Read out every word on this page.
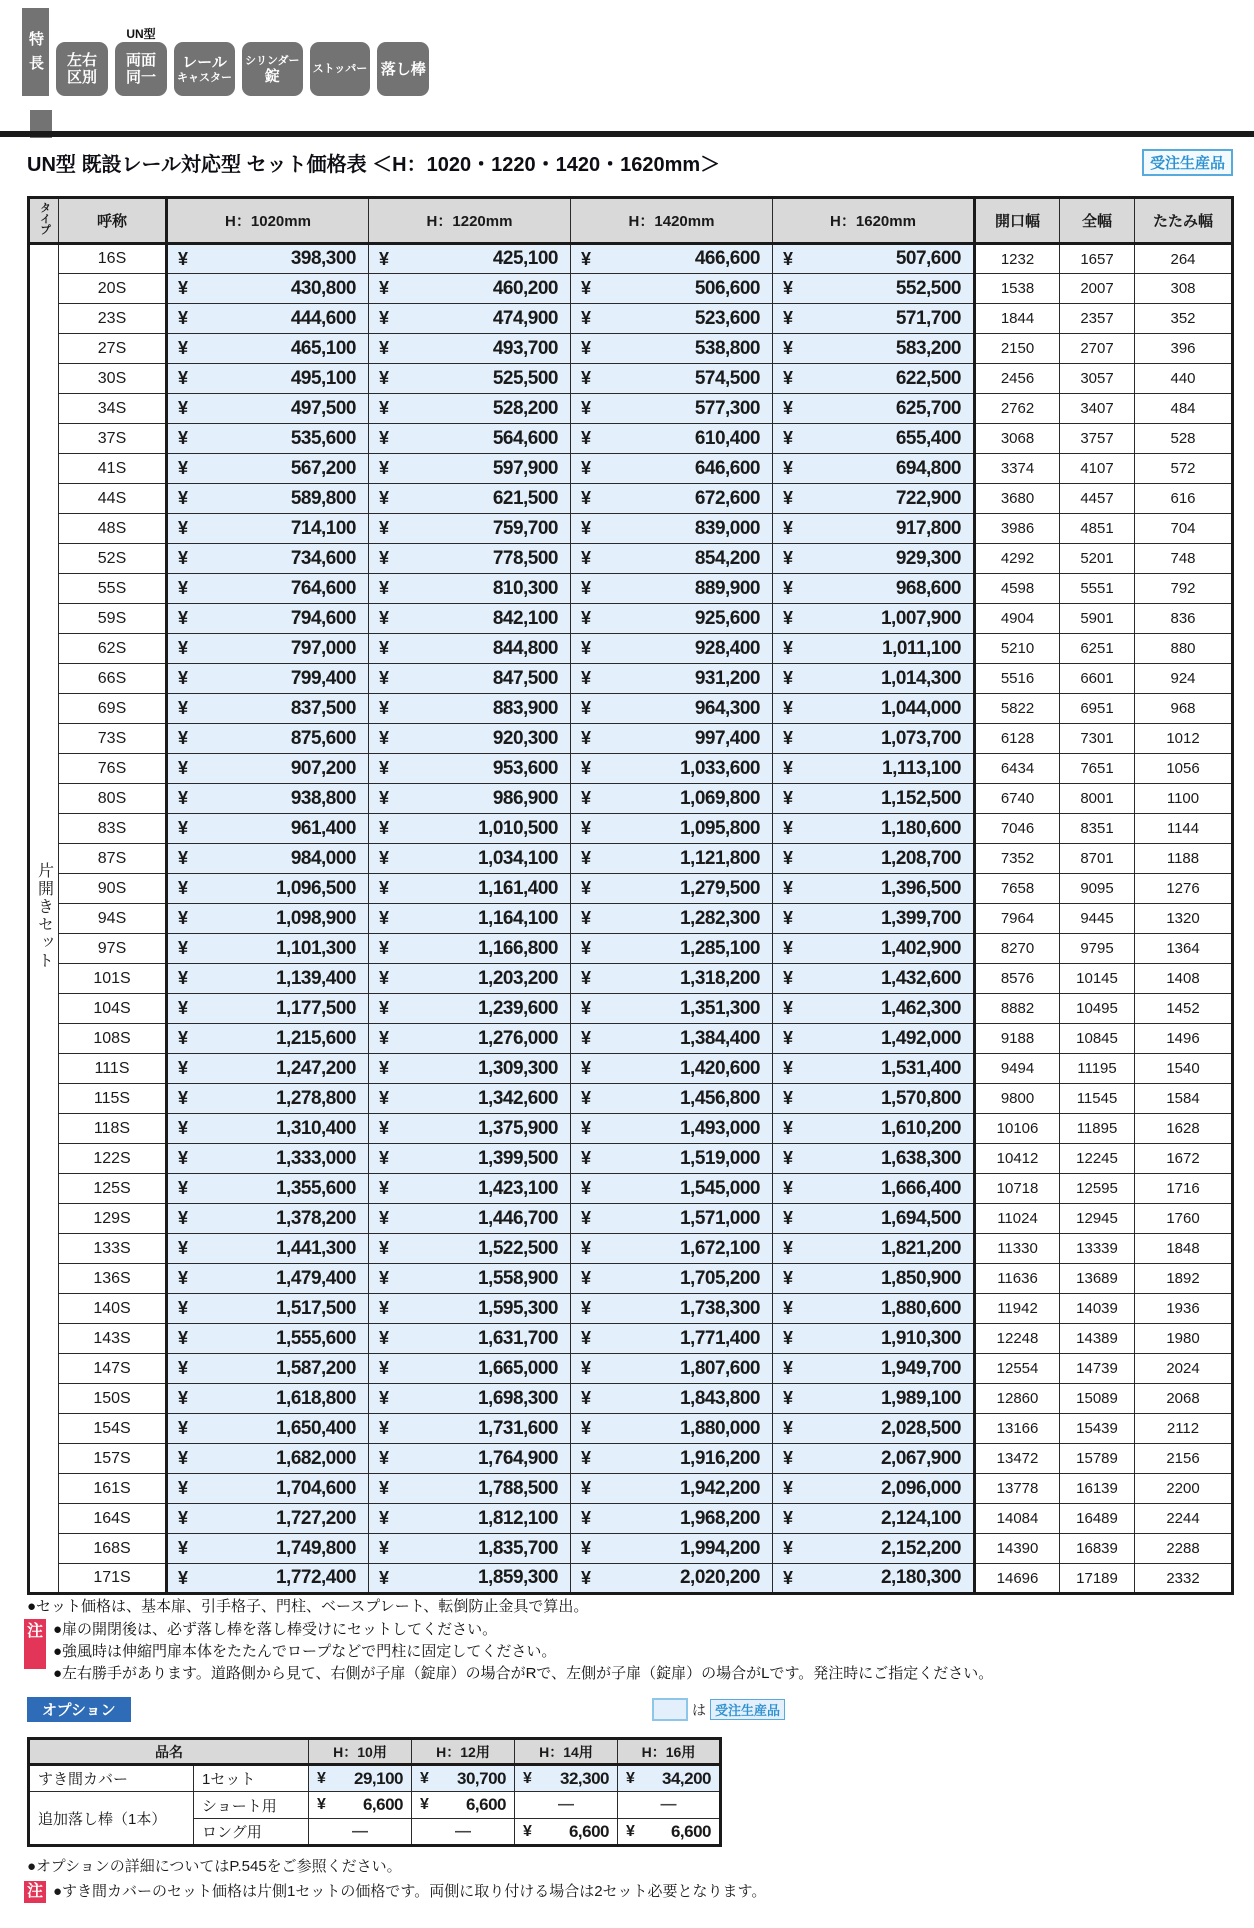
特長	左右
区別
UN型
両面
同一
レール
キャスター
シリンダー
錠	ストッパー 落し棒
UN型 既設レール対応型 セット価格表 ＜H：1020・1220・1420・1620mm＞	受注生産品
タイプ	呼称	H：1020mm	H：1220mm	H：1420mm	H：1620mm	開口幅	全幅	たたみ幅
片開きセット	16S	¥ 398,300	¥ 425,100	¥ 466,600	¥ 507,600	1232	1657	264
	20S	¥ 430,800	¥ 460,200	¥ 506,600	¥ 552,500	1538	2007	308
	23S	¥ 444,600	¥ 474,900	¥ 523,600	¥ 571,700	1844	2357	352
	27S	¥ 465,100	¥ 493,700	¥ 538,800	¥ 583,200	2150	2707	396
	30S	¥ 495,100	¥ 525,500	¥ 574,500	¥ 622,500	2456	3057	440
	34S	¥ 497,500	¥ 528,200	¥ 577,300	¥ 625,700	2762	3407	484
	37S	¥ 535,600	¥ 564,600	¥ 610,400	¥ 655,400	3068	3757	528
	41S	¥ 567,200	¥ 597,900	¥ 646,600	¥ 694,800	3374	4107	572
	44S	¥ 589,800	¥ 621,500	¥ 672,600	¥ 722,900	3680	4457	616
	48S	¥ 714,100	¥ 759,700	¥ 839,000	¥ 917,800	3986	4851	704
	52S	¥ 734,600	¥ 778,500	¥ 854,200	¥ 929,300	4292	5201	748
	55S	¥ 764,600	¥ 810,300	¥ 889,900	¥ 968,600	4598	5551	792
	59S	¥ 794,600	¥ 842,100	¥ 925,600	¥ 1,007,900	4904	5901	836
	62S	¥ 797,000	¥ 844,800	¥ 928,400	¥ 1,011,100	5210	6251	880
	66S	¥ 799,400	¥ 847,500	¥ 931,200	¥ 1,014,300	5516	6601	924
	69S	¥ 837,500	¥ 883,900	¥ 964,300	¥ 1,044,000	5822	6951	968
	73S	¥ 875,600	¥ 920,300	¥ 997,400	¥ 1,073,700	6128	7301	1012
	76S	¥ 907,200	¥ 953,600	¥ 1,033,600	¥ 1,113,100	6434	7651	1056
	80S	¥ 938,800	¥ 986,900	¥ 1,069,800	¥ 1,152,500	6740	8001	1100
	83S	¥ 961,400	¥ 1,010,500	¥ 1,095,800	¥ 1,180,600	7046	8351	1144
	87S	¥ 984,000	¥ 1,034,100	¥ 1,121,800	¥ 1,208,700	7352	8701	1188
	90S	¥ 1,096,500	¥ 1,161,400	¥ 1,279,500	¥ 1,396,500	7658	9095	1276
	94S	¥ 1,098,900	¥ 1,164,100	¥ 1,282,300	¥ 1,399,700	7964	9445	1320
	97S	¥ 1,101,300	¥ 1,166,800	¥ 1,285,100	¥ 1,402,900	8270	9795	1364
	101S	¥ 1,139,400	¥ 1,203,200	¥ 1,318,200	¥ 1,432,600	8576	10145	1408
	104S	¥ 1,177,500	¥ 1,239,600	¥ 1,351,300	¥ 1,462,300	8882	10495	1452
	108S	¥ 1,215,600	¥ 1,276,000	¥ 1,384,400	¥ 1,492,000	9188	10845	1496
	111S	¥ 1,247,200	¥ 1,309,300	¥ 1,420,600	¥ 1,531,400	9494	11195	1540
	115S	¥ 1,278,800	¥ 1,342,600	¥ 1,456,800	¥ 1,570,800	9800	11545	1584
	118S	¥ 1,310,400	¥ 1,375,900	¥ 1,493,000	¥ 1,610,200	10106	11895	1628
	122S	¥ 1,333,000	¥ 1,399,500	¥ 1,519,000	¥ 1,638,300	10412	12245	1672
	125S	¥ 1,355,600	¥ 1,423,100	¥ 1,545,000	¥ 1,666,400	10718	12595	1716
	129S	¥ 1,378,200	¥ 1,446,700	¥ 1,571,000	¥ 1,694,500	11024	12945	1760
	133S	¥ 1,441,300	¥ 1,522,500	¥ 1,672,100	¥ 1,821,200	11330	13339	1848
	136S	¥ 1,479,400	¥ 1,558,900	¥ 1,705,200	¥ 1,850,900	11636	13689	1892
	140S	¥ 1,517,500	¥ 1,595,300	¥ 1,738,300	¥ 1,880,600	11942	14039	1936
	143S	¥ 1,555,600	¥ 1,631,700	¥ 1,771,400	¥ 1,910,300	12248	14389	1980
	147S	¥ 1,587,200	¥ 1,665,000	¥ 1,807,600	¥ 1,949,700	12554	14739	2024
	150S	¥ 1,618,800	¥ 1,698,300	¥ 1,843,800	¥ 1,989,100	12860	15089	2068
	154S	¥ 1,650,400	¥ 1,731,600	¥ 1,880,000	¥ 2,028,500	13166	15439	2112
	157S	¥ 1,682,000	¥ 1,764,900	¥ 1,916,200	¥ 2,067,900	13472	15789	2156
	161S	¥ 1,704,600	¥ 1,788,500	¥ 1,942,200	¥ 2,096,000	13778	16139	2200
	164S	¥ 1,727,200	¥ 1,812,100	¥ 1,968,200	¥ 2,124,100	14084	16489	2244
	168S	¥ 1,749,800	¥ 1,835,700	¥ 1,994,200	¥ 2,152,200	14390	16839	2288
	171S	¥ 1,772,400	¥ 1,859,300	¥ 2,020,200	¥ 2,180,300	14696	17189	2332
●セット価格は、基本扉、引手格子、門柱、ベースプレート、転倒防止金具で算出。
注 ●扉の開閉後は、必ず落し棒を落し棒受けにセットしてください。
●強風時は伸縮門扉本体をたたんでロープなどで門柱に固定してください。
●左右勝手があります。道路側から見て、右側が子扉（錠扉）の場合がRで、左側が子扉（錠扉）の場合がLです。発注時にご指定ください。
オプション	は 受注生産品
品名		H：10用	H：12用	H：14用	H：16用
すき間カバー	1セット	¥ 29,100	¥ 30,700	¥ 32,300	¥ 34,200

追加落し棒（1本）	ショート用	¥ 6,600	¥ 6,600	―	―
	ロング用	―	―	¥ 6,600	¥ 6,600
●オプションの詳細についてはP.545をご参照ください。
注 ●すき間カバーのセット価格は片側1セットの価格です。両側に取り付ける場合は2セット必要となります。
